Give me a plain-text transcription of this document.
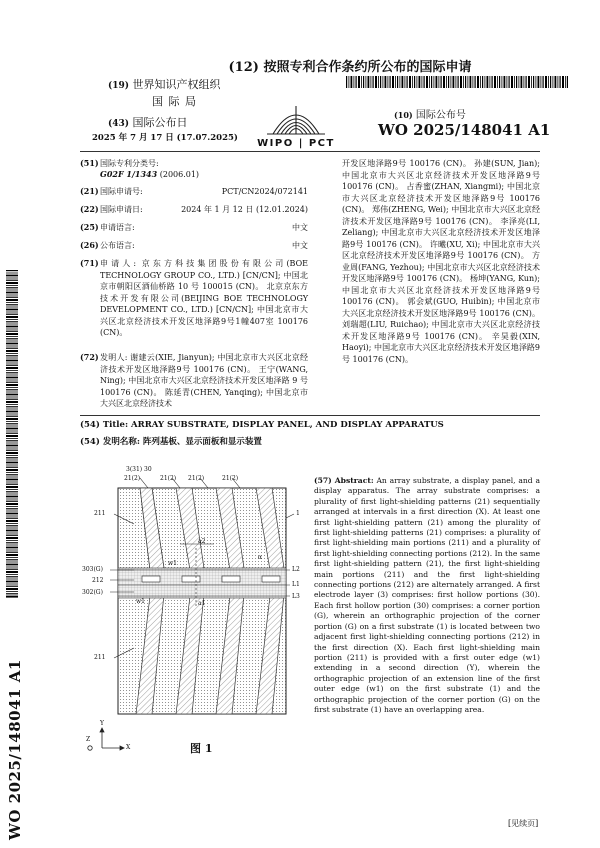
(12) 按照专利合作条约所公布的国际申请
(19) 世界知识产权组织
国 际 局
(43) 国际公布日
2025 年 7 月 17 日 (17.07.2025)	WIPO | PCT
(10) 国际公布号
WO 2025/148041 A1
(51) 国际专利分类号:
G02F 1/1343 (2006.01)
(21) 国际申请号:	PCT/CN2024/072141
(22) 国际申请日:	2024 年 1 月 12 日 (12.01.2024)
(25) 申请语言:	中文
(26) 公布语言:	中文
(71) 申请人: 京东方科技集团股份有限公司(BOE TECHNOLOGY GROUP CO., LTD.) [CN/CN]; 中国北京市朝阳区酒仙桥路 10 号 100015 (CN)。 北京京东方技术开发有限公司(BEIJING BOE TECHNOLOGY DEVELOPMENT CO., LTD.) [CN/CN]; 中国北京市大兴区北京经济技术开发区地泽路9号1幢407室 100176 (CN)。
(72) 发明人: 谢建云(XIE, Jianyun); 中国北京市大兴区北京经济技术开发区地泽路9号 100176 (CN)。 王宁(WANG, Ning); 中国北京市大兴区北京经济技术开发区地泽路 9 号 100176 (CN)。 陈延青(CHEN, Yanqing); 中国北京市大兴区北京经济技术
开发区地泽路9号 100176 (CN)。 孙建(SUN, Jian); 中国北京市大兴区北京经济技术开发区地泽路9号 100176 (CN)。 占香蜜(ZHAN, Xiangmi); 中国北京市大兴区北京经济技术开发区地泽路9号 100176 (CN)。 郑伟(ZHENG, Wei); 中国北京市大兴区北京经济技术开发区地泽路9号 100176 (CN)。 李泽亮(LI, Zeliang); 中国北京市大兴区北京经济技术开发区地泽路9号 100176 (CN)。 许曦(XU, Xi); 中国北京市大兴区北京经济技术开发区地泽路9号 100176 (CN)。 方业周(FANG, Yezhou); 中国北京市大兴区北京经济技术开发区地泽路9号 100176 (CN)。 杨坤(YANG, Kun); 中国北京市大兴区北京经济技术开发区地泽路9号 100176 (CN)。 郭会斌(GUO, Huibin); 中国北京市大兴区北京经济技术开发区地泽路9号 100176 (CN)。 刘瑞超(LIU, Ruichao); 中国北京市大兴区北京经济技术开发区地泽路9号 100176 (CN)。 辛昊毅(XIN, Haoyi); 中国北京市大兴区北京经济技术开发区地泽路9号 100176 (CN)。
(54) Title: ARRAY SUBSTRATE, DISPLAY PANEL, AND DISPLAY APPARATUS
(54) 发明名称: 阵列基板、显示面板和显示装置
3(31) 30
21(2)	21(2) 21(2)	21(2)
1
211
303(G)
212
302(G)
211
L2
L1
L3
a2
w1
w1	a1
α
Z
Y
X	图 1
(57) Abstract: An array substrate, a display panel, and a display apparatus. The array substrate comprises: a plurality of first light-shielding patterns (21) sequentially arranged at intervals in a first direction (X). At least one first light-shielding pattern (21) among the plurality of first light-shielding patterns (21) comprises: a plurality of first light-shielding main portions (211) and a plurality of first light-shielding connecting portions (212). In the same first light-shielding pattern (21), the first light-shielding main portions (211) and the first light-shielding connecting portions (212) are alternately arranged. A first electrode layer (3) comprises: first hollow portions (30). Each first hollow portion (30) comprises: a corner portion (G), wherein an orthographic projection of the corner portion (G) on a first substrate (1) is located between two adjacent first light-shielding connecting portions (212) in the first direction (X). Each first light-shielding main portion (211) is provided with a first outer edge (w1) extending in a second direction (Y), wherein the orthographic projection of an extension line of the first outer edge (w1) on the first substrate (1) and the orthographic projection of the corner portion (G) on the first substrate (1) have an overlapping area.
[见续页]
WO 2025/148041 A1
